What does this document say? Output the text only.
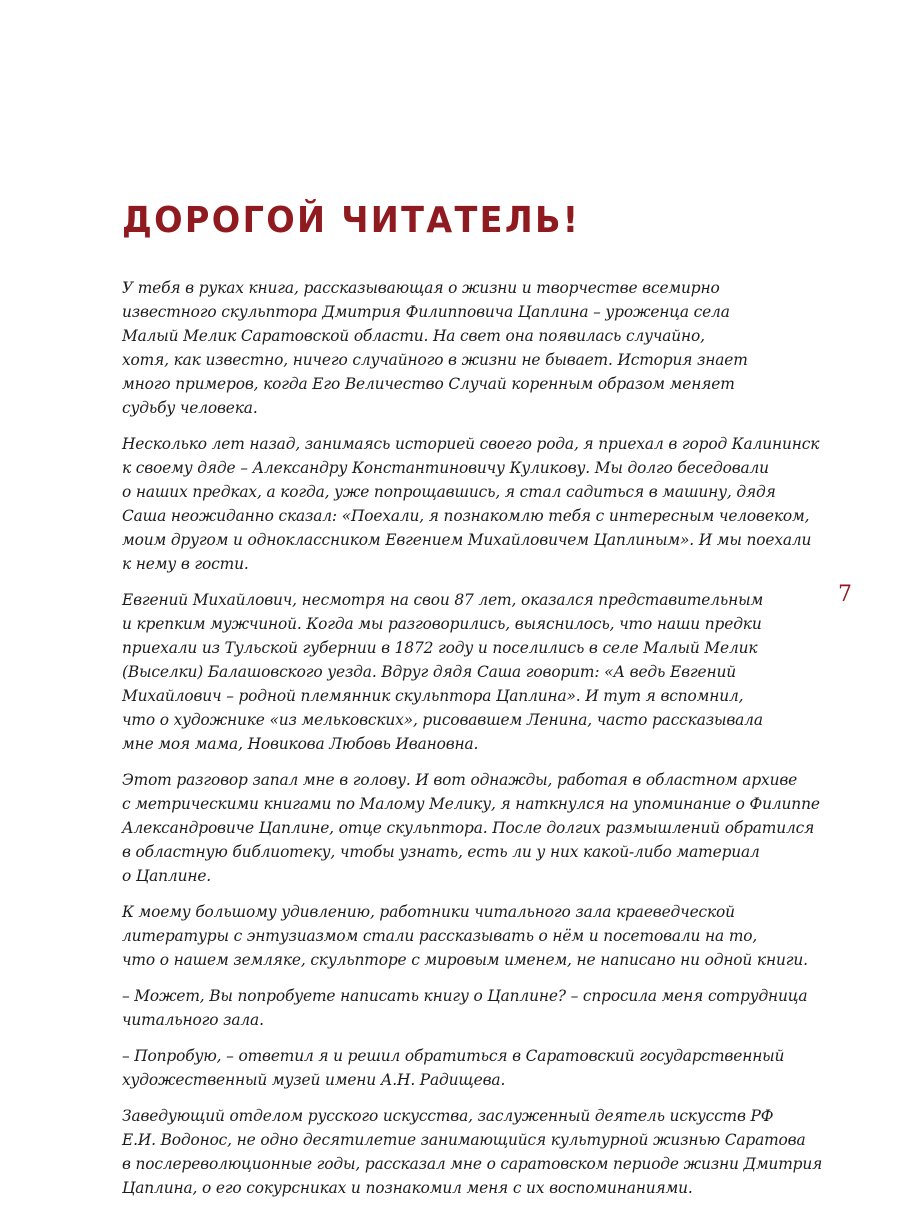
ДОРОГОЙ ЧИТАТЕЛЬ!

У тебя в руках книга, рассказывающая о жизни и творчестве всемирно
известного скульптора Дмитрия Филипповича Цаплина – уроженца села
Малый Мелик Саратовской области. На свет она появилась случайно,
хотя, как известно, ничего случайного в жизни не бывает. История знает
много примеров, когда Его Величество Случай коренным образом меняет
судьбу человека.

Несколько лет назад, занимаясь историей своего рода, я приехал в город Калининск
к своему дяде – Александру Константиновичу Куликову. Мы долго беседовали
о наших предках, а когда, уже попрощавшись, я стал садиться в машину, дядя
Саша неожиданно сказал: «Поехали, я познакомлю тебя с интересным человеком,
моим другом и одноклассником Евгением Михайловичем Цаплиным». И мы поехали
к нему в гости.

Евгений Михайлович, несмотря на свои 87 лет, оказался представительным
и крепким мужчиной. Когда мы разговорились, выяснилось, что наши предки
приехали из Тульской губернии в 1872 году и поселились в селе Малый Мелик
(Выселки) Балашовского уезда. Вдруг дядя Саша говорит: «А ведь Евгений
Михайлович – родной племянник скульптора Цаплина». И тут я вспомнил,
что о художнике «из мельковских», рисовавшем Ленина, часто рассказывала
мне моя мама, Новикова Любовь Ивановна.

Этот разговор запал мне в голову. И вот однажды, работая в областном архиве
с метрическими книгами по Малому Мелику, я наткнулся на упоминание о Филиппе
Александровиче Цаплине, отце скульптора. После долгих размышлений обратился
в областную библиотеку, чтобы узнать, есть ли у них какой-либо материал
о Цаплине.

К моему большому удивлению, работники читального зала краеведческой
литературы с энтузиазмом стали рассказывать о нём и посетовали на то,
что о нашем земляке, скульпторе с мировым именем, не написано ни одной книги.

– Может, Вы попробуете написать книгу о Цаплине? – спросила меня сотрудница
читального зала.

– Попробую, – ответил я и решил обратиться в Саратовский государственный
художественный музей имени А.Н. Радищева.

Заведующий отделом русского искусства, заслуженный деятель искусств РФ
Е.И. Водонос, не одно десятилетие занимающийся культурной жизнью Саратова
в послереволюционные годы, рассказал мне о саратовском периоде жизни Дмитрия
Цаплина, о его сокурсниках и познакомил меня с их воспоминаниями.

7
